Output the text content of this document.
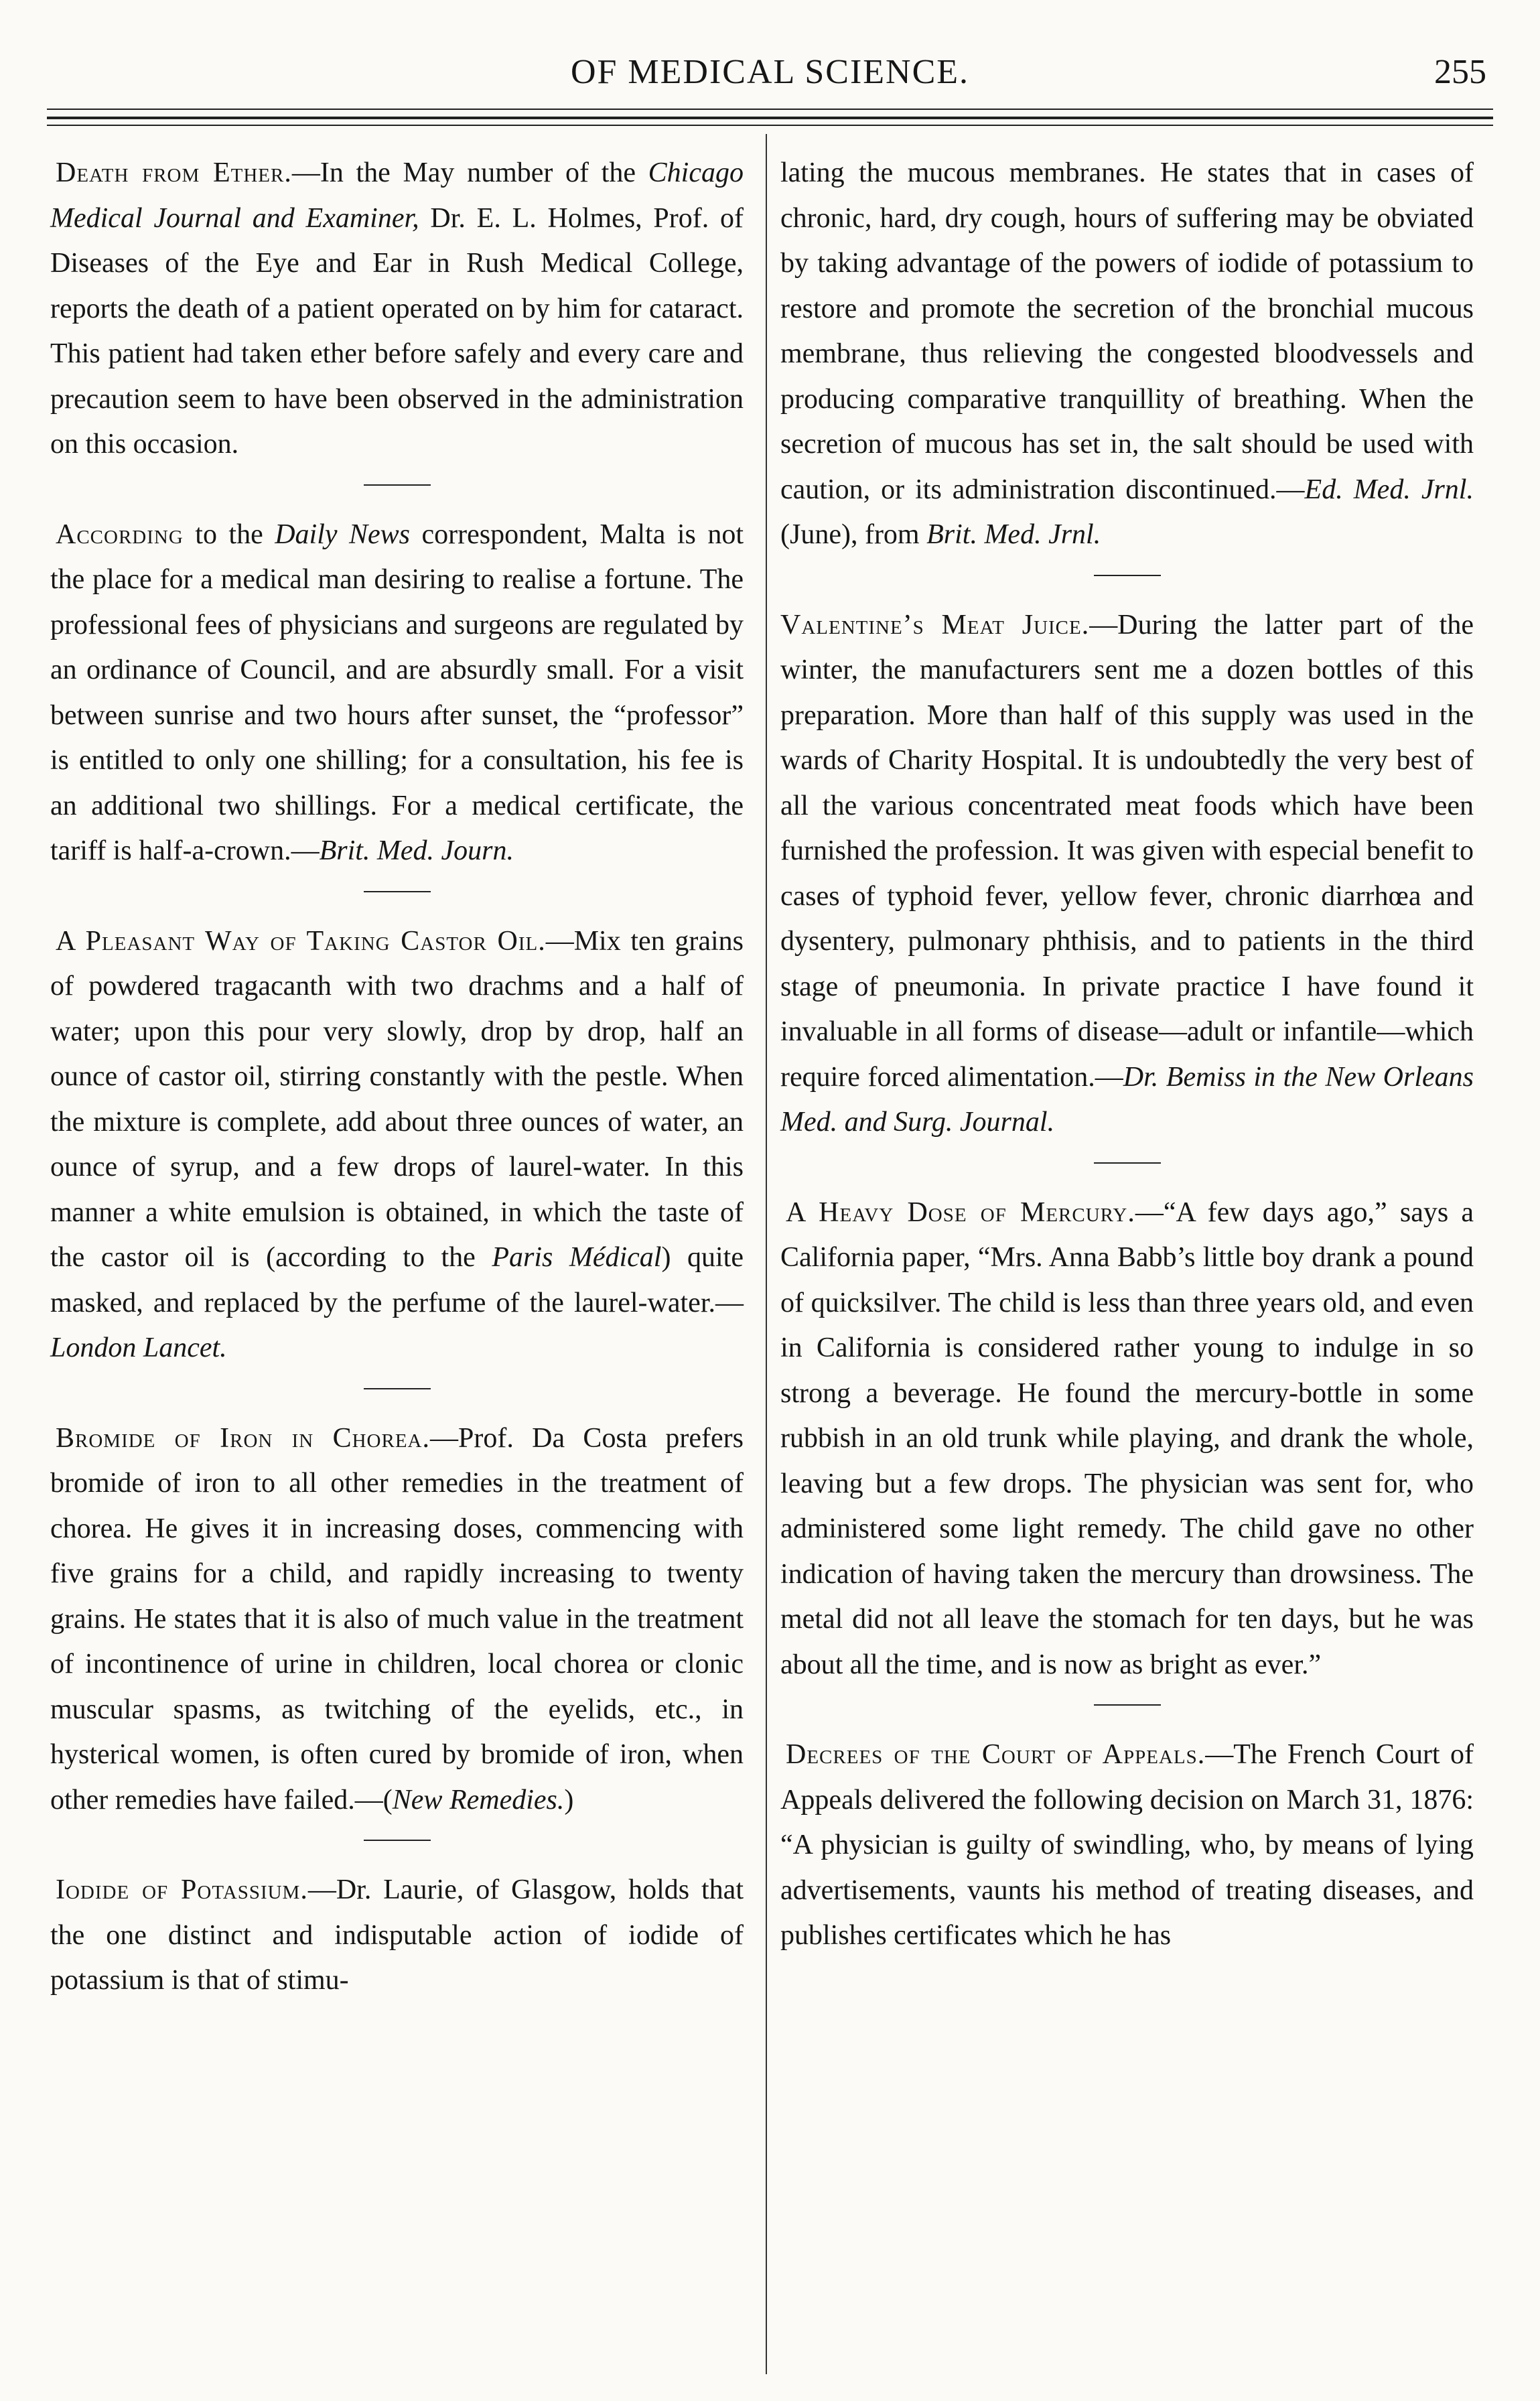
OF MEDICAL SCIENCE.	255

Death from Ether.—In the May number of the Chicago Medical Journal and Examiner, Dr. E. L. Holmes, Prof. of Diseases of the Eye and Ear in Rush Medical College, reports the death of a patient operated on by him for cataract. This patient had taken ether before safely and every care and precaution seem to have been observed in the administration on this occasion.

According to the Daily News correspondent, Malta is not the place for a medical man desiring to realise a fortune. The professional fees of physicians and surgeons are regulated by an ordinance of Council, and are absurdly small. For a visit between sunrise and two hours after sunset, the “professor” is entitled to only one shilling; for a consultation, his fee is an additional two shillings. For a medical certificate, the tariff is half-a-crown.—Brit. Med. Journ.

A Pleasant Way of Taking Castor Oil.—Mix ten grains of powdered tragacanth with two drachms and a half of water; upon this pour very slowly, drop by drop, half an ounce of castor oil, stirring constantly with the pestle. When the mixture is complete, add about three ounces of water, an ounce of syrup, and a few drops of laurel-water. In this manner a white emulsion is obtained, in which the taste of the castor oil is (according to the Paris Médical) quite masked, and replaced by the perfume of the laurel-water.—London Lancet.

Bromide of Iron in Chorea.—Prof. Da Costa prefers bromide of iron to all other remedies in the treatment of chorea. He gives it in increasing doses, commencing with five grains for a child, and rapidly increasing to twenty grains. He states that it is also of much value in the treatment of incontinence of urine in children, local chorea or clonic muscular spasms, as twitching of the eyelids, etc., in hysterical women, is often cured by bromide of iron, when other remedies have failed.—(New Remedies.)

Iodide of Potassium.—Dr. Laurie, of Glasgow, holds that the one distinct and indisputable action of iodide of potassium is that of stimu-

lating the mucous membranes. He states that in cases of chronic, hard, dry cough, hours of suffering may be obviated by taking advantage of the powers of iodide of potassium to restore and promote the secretion of the bronchial mucous membrane, thus relieving the congested bloodvessels and producing comparative tranquillity of breathing. When the secretion of mucous has set in, the salt should be used with caution, or its administration discontinued.—Ed. Med. Jrnl. (June), from Brit. Med. Jrnl.

Valentine’s Meat Juice.—During the latter part of the winter, the manufacturers sent me a dozen bottles of this preparation. More than half of this supply was used in the wards of Charity Hospital. It is undoubtedly the very best of all the various concentrated meat foods which have been furnished the profession. It was given with especial benefit to cases of typhoid fever, yellow fever, chronic diarrhœa and dysentery, pulmonary phthisis, and to patients in the third stage of pneumonia. In private practice I have found it invaluable in all forms of disease—adult or infantile—which require forced alimentation.—Dr. Bemiss in the New Orleans Med. and Surg. Journal.

A Heavy Dose of Mercury.—“A few days ago,” says a California paper, “Mrs. Anna Babb’s little boy drank a pound of quicksilver. The child is less than three years old, and even in California is considered rather young to indulge in so strong a beverage. He found the mercury-bottle in some rubbish in an old trunk while playing, and drank the whole, leaving but a few drops. The physician was sent for, who administered some light remedy. The child gave no other indication of having taken the mercury than drowsiness. The metal did not all leave the stomach for ten days, but he was about all the time, and is now as bright as ever.”

Decrees of the Court of Appeals.—The French Court of Appeals delivered the following decision on March 31, 1876: “A physician is guilty of swindling, who, by means of lying advertisements, vaunts his method of treating diseases, and publishes certificates which he has
